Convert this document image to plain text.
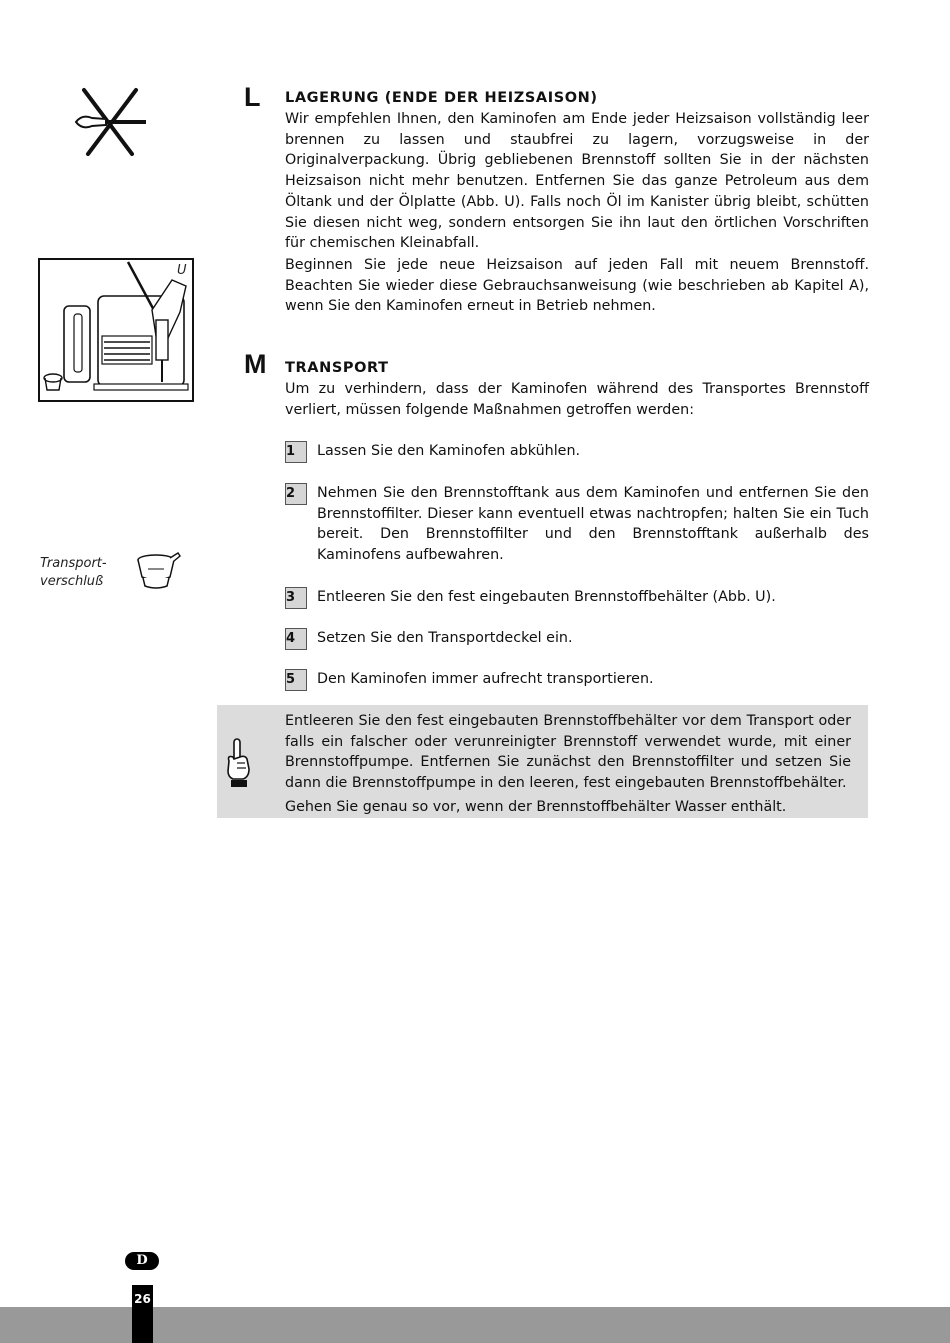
L LAGERUNG (ENDE DER HEIZSAISON)
Wir empfehlen Ihnen, den Kaminofen am Ende jeder Heizsaison vollständig leer brennen zu lassen und staubfrei zu lagern, vorzugsweise in der Originalverpackung. Übrig gebliebenen Brennstoff sollten Sie in der nächsten Heizsaison nicht mehr benutzen. Entfernen Sie das ganze Petroleum aus dem Öltank und der Ölplatte (Abb. U). Falls noch Öl im Kanister übrig bleibt, schütten Sie diesen nicht weg, sondern entsorgen Sie ihn laut den örtlichen Vorschriften für chemischen Kleinabfall.
Beginnen Sie jede neue Heizsaison auf jeden Fall mit neuem Brennstoff. Beachten Sie wieder diese Gebrauchsanweisung (wie beschrieben ab Kapitel A), wenn Sie den Kaminofen erneut in Betrieb nehmen.
U
M TRANSPORT
Um zu verhindern, dass der Kaminofen während des Transportes Brennstoff verliert, müssen folgende Maßnahmen getroffen werden:
1	Lassen Sie den Kaminofen abkühlen.
2	Nehmen Sie den Brennstofftank aus dem Kaminofen und entfernen Sie den Brennstoffilter. Dieser kann eventuell etwas nachtropfen; halten Sie ein Tuch bereit. Den Brennstoffilter und den Brennstofftank außerhalb des Kaminofens aufbewahren.
3	Entleeren Sie den fest eingebauten Brennstoffbehälter (Abb. U).
4	Setzen Sie den Transportdeckel ein.
5	Den Kaminofen immer aufrecht transportieren.
Transport-
verschluß
Entleeren Sie den fest eingebauten Brennstoffbehälter vor dem Transport oder falls ein falscher oder verunreinigter Brennstoff verwendet wurde, mit einer Brennstoffpumpe. Entfernen Sie zunächst den Brennstoffilter und setzen Sie dann die Brennstoffpumpe in den leeren, fest eingebauten Brennstoffbehälter.
Gehen Sie genau so vor, wenn der Brennstoffbehälter Wasser enthält.
D
26
